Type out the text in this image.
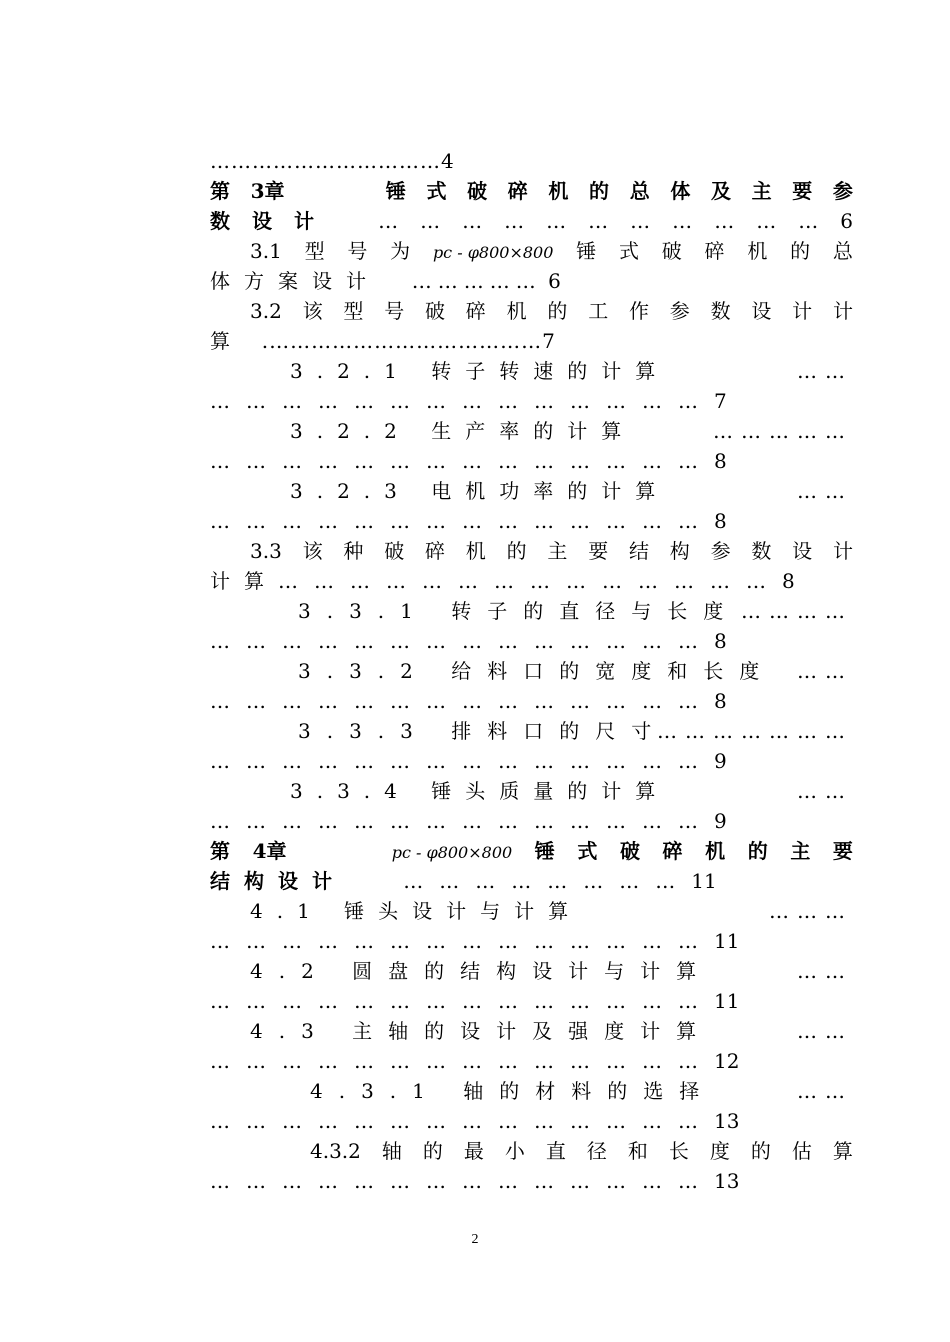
……………………………4
第 3章	锤 式 破 碎 机 的 总 体 及 主 要 参
数 设 计	… … … … … … … … … … … 6
3.1 型 号 为 pc - φ800×800 锤 式 破 碎 机 的 总
体方案设计 …………… 6
3.2 该 型 号 破 碎 机 的 工 作 参 数 设 计 计
算 .…………………………………7
3.2.1 转子转速的计算	……
……………………………………7
3.2.2 生产率的计算	……………
……………………………………8
3.2.3 电机功率的计算	……
……………………………………8
3.3 该 种 破 碎 机 的 主 要 结 构 参 数 设 计
计算……………………………………8
3.3.1 转子的直径与长度 …………
……………………………………8
3.3.2 给料口的宽度和长度 ……
……………………………………8
3.3.3 排料口的尺寸
…………………
……………………………………9
3.3.4 锤头质量的计算	……
……………………………………9
第 4章	pc - φ800×800 锤 式 破 碎 机 的 主 要
结构设计	……………………11
4.1 锤头设计与计算	………
……………………………………11
4.2 圆盘的结构设计与计算	……
……………………………………11
4.3 主轴的设计及强度计算	……
……………………………………12
4.3.1 轴的材料的选择	……
……………………………………13
4.3.2 轴 的 最 小 直 径 和 长 度 的 估 算
……………………………………13
2
